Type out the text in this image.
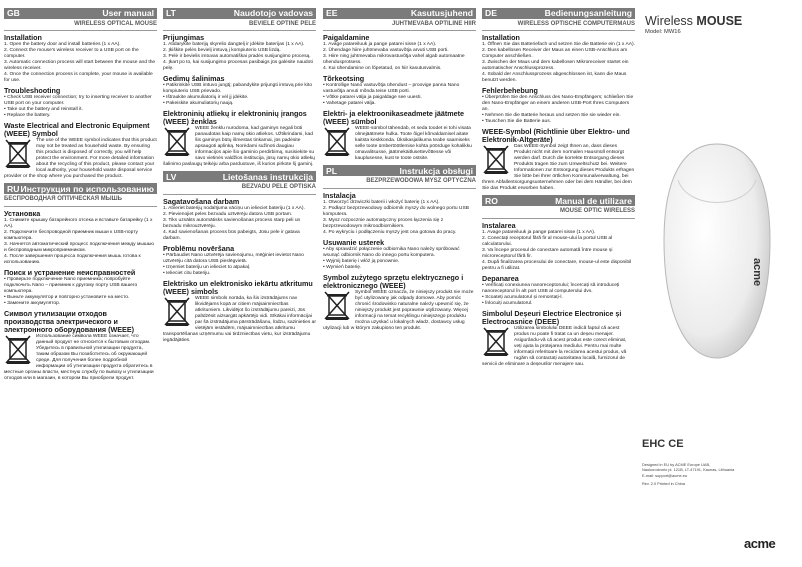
GB	User manual
WIRELESS OPTICAL MOUSE
Installation

1. Open the battery door and install batteries (1 x AA).

2. Connect the mouse's wireless receiver to a USB port on the computer.

3. Automatic connection process will start between the mouse and the wireless receiver.

4. Once the connection process is complete, your mouse is available for use.

Troubleshooting

• Check USB receiver connection; try to inserting receiver to another USB port on your computer.

• Take out the battery and reinstall it.

• Replace the battery.

Waste Electrical and Electronic Equipment (WEEE) Symbol

The use of the WEEE symbol indicates that this product may not be treated as household waste. By ensuring this product is disposed of correctly, you will help protect the environment. For more detailed information about the recycling of this product, please contact your local authority, your household waste disposal service provider or the shop where you purchased the product.

RU Инструкция по использованию
БЕСПРОВОДНАЯ ОПТИЧЕСКАЯ МЫШЬ
Установка

1. Снимите крышку батарейного отсека и вставьте батарейку (1 x AA).

2. Подключите беспроводной приемник мыши к USB-порту компьютера.

3. Начнется автоматический процесс подключения между мышью и беспроводным микроприемником.

4. После завершения процесса подключения мышь готова к использованию.

Поиск и устранение неисправностей

• Проверьте подключение Nano приемника; попробуйте подключить Nano – приемник к другому порту USB вашего компьютера.

• Выньте аккумулятор и повторно установите на место.

• Замените аккумулятор.

Символ утилизации отходов производства электрического и электронного оборудования (WEEE)

Использование символа WEEE означает, что данный продукт не относится к бытовым отходам. Убедитесь в правильной утилизации продукта, таким образом Вы позаботитесь об окружающей среде. Для получения более подробной информации об утилизации продукта обратитесь в местные органы власти, местную службу по вывозу и утилизации отходов или в магазин, в котором Вы приобрели продукт.

LT	Naudotojo vadovas
BEVIELĖ OPTINĖ PELĖ
Prijungimas

1. Atidarykite baterijų skyrelio dangtelį ir įdėkite baterijas (1 x AA).

2. Įkiškite pelės bevielį imtuvą į kompiuterio USB lizdą.

3. Pelė ir bevielis imtuvas automatiškai pradės susijungimo procesą.

4. Įkart po to, kai susijungimo procesas pasibaigs jūs galėsite naudoti pelę.

Gedimų šalinimas

• Patikrinkite USB imtuvo jungtį; pabandykite prijungti imtuvą prie kito kompiuterio USB prievado.

• Ištraukite akumuliatorių ir vėl jį įdėkite.

• Pakeiskite akumuliatorių naują.

Elektroninių atliekų ir elektroninių įrangos (WEEE) ženklas

WEEE ženklu nurodoma, kad gaminys negali būti panaudotas kaip namų ūkio atliekos. Užtikrindami, kad šis gaminys būtų išmestas tinkamai, jūs padėsite apsaugoti aplinką. Norėdami sužinoti daugiau informacijos apie šio gaminio perdirbimą, susisiekite su savo vietinės valdžios institucija, jūsų namų ūkio atliekų šalinimo paslaugų teikėju arba parduotuve, iš kurios pirkote šį gaminį.

LV	Lietošanas instrukcija
BEZVADU PELE OPTISKĀ
Sagatavošana darbam

1. Atveriet baterijų nodalījuma vāciņu un ielieciet bateriju (1 x AA).

2. Pievienojiet peles bezvadu uztvērēju datora USB portam.

3. Tiks uzsākts automātisks savienošanas process starp peli un bezvadu mikrouztvērēju.

4. Kad savienošanas process būs pabeigts, Jūsu pele ir gatava darbam.

Problēmu novēršana

• Pārbaudiet Nano uztvērēja savienojumu, mēģiniet ievietot Nano uztvērēju citā datora USB pieslēgvietā.

• Izņemiet bateriju un ielieciet to atpakaļ.

• Ielieciet citu bateriju.

Elektrisko un elektronisko iekārtu atkritumu (WEEE) simbols

WEEE simbols norāda, ka šis izstrādājums nav likvidējams kopā ar citiem mājsaimniecības atkritumiem. Likvidējot šo izstrādājumu pareizi, Jūs palīdzēsit aizsargāt apkārtējo vidi. Sīkākai informācijai par šā izstrādājuma pārstrādāšanu, lūdzu, sazinieties ar vietējām iestādēm, mājsaimniecības atkritumu transportēšanas uzņēmumu vai tirdzniecības vietu, kur izstrādājumu iegādājāties.

EE	Kasutusjuhend
JUHTMEVABA OPTILINE HIIR
Paigaldamine

1. Avage patareiluuk ja pange patarei sisse (1 x AA).

2. Ühendage hiire juhtmevaba vastuvõtja arvuti USB porti.

3. Hiire ning juhtmevaba mikrovastuvõtja vahel algab automaatne ühendusprotsess.

4. Kui ühendamine on lõpetatud, on hiir kasutusvalmis.

Tõrkeotsing

• Kontrollige Nano vastuvõtja ühendust – proovige panna Nano vastuvõtja arvuti mõnda teise USB porti.

• Võtke patarei välja ja paigaldage see uuesti.

• Vahetage patarei välja.

Elektri- ja elektroonikaseadmete jäätmete (WEEE) sümbol

WEEE-sümbol tähendab, et seda toodet ei tohi visata olmejäätmete hulka. Toote õigel kõrvaldamisel aitate kaitsta keskkonda. Üksikasjalikuma teabe saamiseks selle toote ümbertöötlemise kohta pöörduge kohalikku omavalitsusse, jäätmekäitlusettevõttesse või kauplusesse, kust te toote ostsite.

PL	Instrukcja obsługi
BEZPRZEWODOWA MYSZ OPTYCZNA
Instalacja

1. Otworzyć drzwiczki baterii i włożyć baterię (1 x AA).

2. Podłącz bezprzewodowy odbiornik myszy do wolnego portu USB komputera.

3. Mysz rozpocznie automatyczny proces łączenia się z bezprzewodowym mikroodbiornikiem.

4. Po wykryciu i podłączeniu myszy jest ona gotowa do pracy.

Usuwanie usterek

• Aby sprawdzić połączenie odbiornika Nano należy spróbować wsunąć odbiornik Nano do innego portu komputera.

• Wyjmij baterię i włóż ją ponownie.

• Wymień baterię.

Symbol zużytego sprzętu elektrycznego i elektronicznego (WEEE)

Symbol WEEE oznacza, że niniejszy produkt nie może być utylizowany jak odpady domowe. Aby pomóc chronić środowisko naturalne należy upewnić się, że niniejszy produkt jest poprawnie utylizowany. Więcej informacji na temat recyklingu niniejszego produktu można uzyskać u lokalnych władz, dostawcy usług utylizacji lub w którym zakupiono ten produkt.

DE	Bedienungsanleitung
WIRELESS OPTISCHE COMPUTERMAUS
Installation

1. Öffnen Sie das Batteriefach und setzen Sie die Batterie ein (1 x AA).

2. Den kabellosen Receiver der Maus an einen USB-Anschluss am Computer anschließen.

3. Zwischen der Maus und dem kabellosen Mikroreceiver startet ein automatischer Anschlussprozess.

4. Sobald der Anschlussprozess abgeschlossen ist, kann die Maus benutzt werden.

Fehlerbehebung

• Überprüfen Sie den Anschluss des Nano-Empfängers; schließen Sie den Nano-Empfänger an einem anderen USB-Port Ihres Computers an.

• Nehmen Sie die Batterie heraus und setzen Sie sie wieder ein.

• Tauschen Sie die Batterie aus.

WEEE-Symbol (Richtlinie über Elektro- und Elektronik-Altgeräte)

Das WEEE-Symbol zeigt Ihnen an, dass dieses Produkt nicht mit dem normalen Hausmüll entsorgt werden darf. Durch die korrekte Entsorgung dieses Produkts tragen Sie zum Umweltschutz bei. Weitere Informationen zur Entsorgung dieses Produkts erfragen Sie bitte bei Ihrer örtlichen Kommunalverwaltung, bei Ihrem Abfallentsorgungsunternehmen oder bei dem Händler, bei dem Sie das Produkt erworben haben.

RO	Manual de utilizare
MOUSE OPTIC WIRELESS
Instalarea

1. Avage patareiluuk ja pange patarei sisse (1 x AA).

2. Conectați receptorul fără fir al mouse-ului la portul USB al calculatorului.

3. Va începe procesul de conectare automată între mouse și microreceptorul fără fir.

4. După finalizarea procesului de conectare, mouse-ul este disponibil pentru a fi utilizat.

Depanarea

• Verificați conexiunea nanoreceptorului; încercați să introduceți nanoreceptorul în alt port USB al computerului dvs.

• Scoateți acumulatorul și remontați-l.

• Înlocuiți acumulatorul.

Simbolul Deșeuri Electrice Electronice și Electrocasnice (DEEE)

Utilizarea simbolului DEEE indică faptul că acest produs nu poate fi tratat ca un deșeu menajer. Asigurându-vă că acest produs este corect eliminat, veți ajuta la protejarea mediului. Pentru mai multe informații referitoare la reciclarea acestui produs, vă rugăm să contactați autoritatea locală, furnizorul de servicii de eliminare a deșeurilor menajere sau.

Wireless MOUSE
Model: MW16
acme
EHC CE
Designed in EU by ACME Europe UAB,
Naukorodvorio pl. 121B, LT-47191, Kaunas, Lithuania
E-mail: support@acme.eu
Rev. 2.0 Printed in China
acme
